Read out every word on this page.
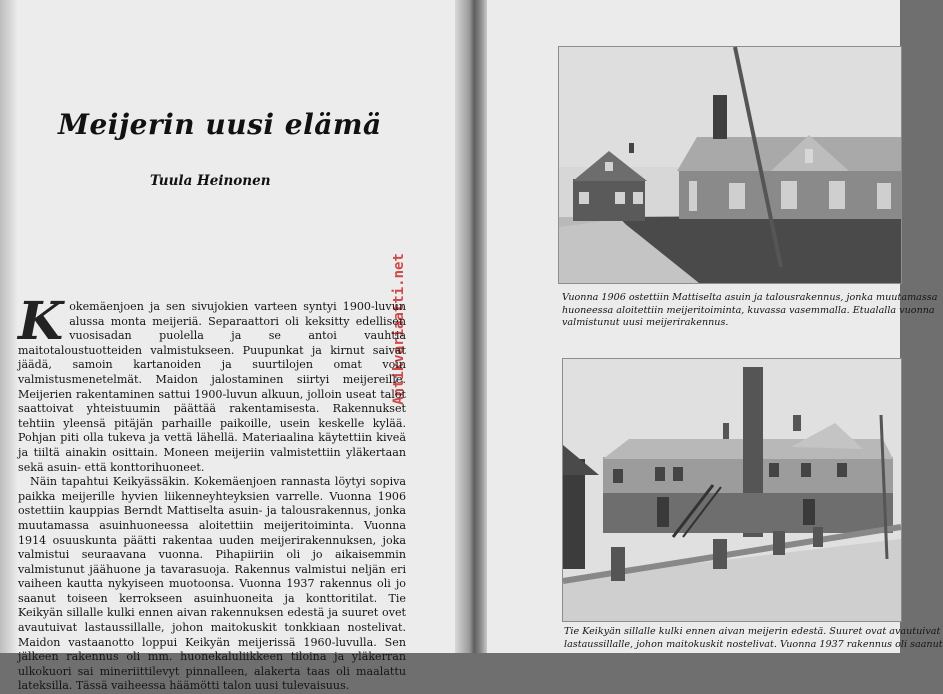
Meijerin uusi elämä
Tuula Heinonen
Antikvariaatti.net

Kokemäenjoen ja sen sivujokien varteen syntyi 1900-luvun alussa monta meijeriä. Separaattori oli keksitty edellisen vuosisadan puolella ja se antoi vauhtia maitotaloustuotteiden valmistukseen. Puupunkat ja kirnut saivat jäädä, samoin kartanoiden ja suurtilojen omat voin valmistusmenetelmät. Maidon jalostaminen siirtyi meijereille. Meijerien rakentaminen sattui 1900-luvun alkuun, jolloin useat talot saattoivat yhteistuumin päättää rakentamisesta. Rakennukset tehtiin yleensä pitäjän parhaille paikoille, usein keskelle kylää. Pohjan piti olla tukeva ja vettä lähellä. Materiaalina käytettiin kiveä ja tiiltä ainakin osittain. Moneen meijeriin valmistettiin yläkertaan sekä asuin- että konttorihuoneet.

Näin tapahtui Keikyässäkin. Kokemäenjoen rannasta löytyi sopiva paikka meijerille hyvien liikenneyhteyksien varrelle. Vuonna 1906 ostettiin kauppias Berndt Mattiselta asuin- ja talousrakennus, jonka muutamassa asuinhuoneessa aloitettiin meijeritoiminta. Vuonna 1914 osuuskunta päätti rakentaa uuden meijerirakennuksen, joka valmistui seuraavana vuonna. Pihapiiriin oli jo aikaisemmin valmistunut jäähuone ja tavarasuoja. Rakennus valmistui neljän eri vaiheen kautta nykyiseen muotoonsa. Vuonna 1937 rakennus oli jo saanut toiseen kerrokseen asuinhuoneita ja konttoritilat. Tie Keikyän sillalle kulki ennen aivan rakennuksen edestä ja suuret ovet avautuivat lastaussillalle, johon maitokuskit tonkkiaan nostelivat. Maidon vastaanotto loppui Keikyän meijerissä 1960-luvulla. Sen jälkeen rakennus oli mm. huonekaluliikkeen tiloina ja yläkerran ulkokuori sai mineriittilevyt pinnalleen, alakerta taas oli maalattu lateksilla. Tässä vaiheessa häämötti talon uusi tulevaisuus.

Vuonna 1906 ostettiin Mattiselta asuin ja talousrakennus, jonka muutamassa
huoneessa aloitettiin meijeritoiminta, kuvassa vasemmalla. Etualalla vuonna
valmistunut uusi meijerirakennus.
Tie Keikyän sillalle kulki ennen aivan meijerin edestä. Suuret ovat avautuivat
lastaussillalle, johon maitokuskit nostelivat. Vuonna 1937 rakennus oli saanut
